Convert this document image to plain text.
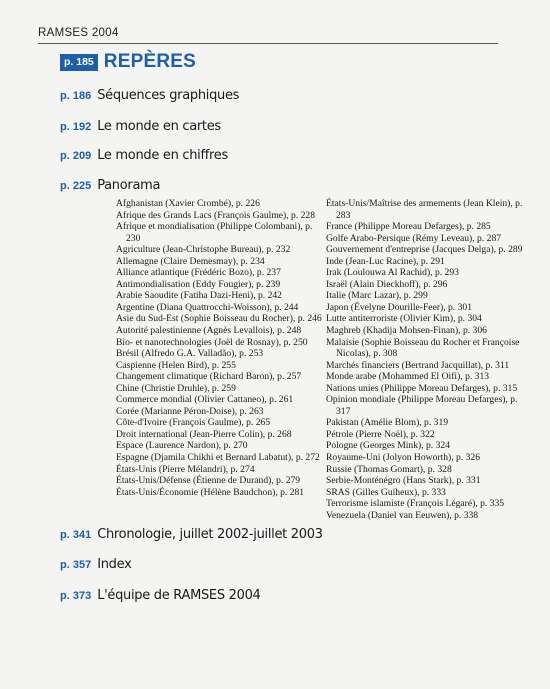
RAMSES 2004
p. 185 REPÈRES
p. 186 Séquences graphiques
p. 192 Le monde en cartes
p. 209 Le monde en chiffres
p. 225 Panorama
Afghanistan (Xavier Crombé), p. 226
Afrique des Grands Lacs (François Gaulme), p. 228
Afrique et mondialisation (Philippe Colombani), p. 230
Agriculture (Jean-Christophe Bureau), p. 232
Allemagne (Claire Demesmay), p. 234
Alliance atlantique (Frédéric Bozo), p. 237
Antimondialisation (Eddy Fougier), p. 239
Arabie Saoudite (Fatiha Dazi-Heni), p. 242
Argentine (Diana Quattrocchi-Woisson), p. 244
Asie du Sud-Est (Sophie Boisseau du Rocher), p. 246
Autorité palestinienne (Agnès Levallois), p. 248
Bio- et nanotechnologies (Joël de Rosnay), p. 250
Brésil (Alfredo G.A. Valladão), p. 253
Caspienne (Helen Bird), p. 255
Changement climatique (Richard Baron), p. 257
Chine (Christie Druhle), p. 259
Commerce mondial (Olivier Cattaneo), p. 261
Corée (Marianne Péron-Doise), p. 263
Côte-d'Ivoire (François Gaulme), p. 265
Droit international (Jean-Pierre Colin), p. 268
Espace (Laurence Nardon), p. 270
Espagne (Djamila Chikhi et Bernard Labatut), p. 272
États-Unis (Pierre Mélandri), p. 274
États-Unis/Défense (Étienne de Durand), p. 279
États-Unis/Économie (Hélène Baudchon), p. 281
États-Unis/Maîtrise des armements (Jean Klein), p. 283
France (Philippe Moreau Defarges), p. 285
Golfe Arabo-Persique (Rémy Leveau), p. 287
Gouvernement d'entreprise (Jacques Delga), p. 289
Inde (Jean-Luc Racine), p. 291
Irak (Loulouwa Al Rachid), p. 293
Israël (Alain Dieckhoff), p. 296
Italie (Marc Lazar), p. 299
Japon (Évelyne Dourille-Feer), p. 301
Lutte antiterroriste (Olivier Kim), p. 304
Maghreb (Khadija Mohsen-Finan), p. 306
Malaisie (Sophie Boisseau du Rocher et Françoise Nicolas), p. 308
Marchés financiers (Bertrand Jacquillat), p. 311
Monde arabe (Mohammed El Oifi), p. 313
Nations unies (Philippe Moreau Defarges), p. 315
Opinion mondiale (Philippe Moreau Defarges), p. 317
Pakistan (Amélie Blom), p. 319
Pétrole (Pierre Noël), p. 322
Pologne (Georges Mink), p. 324
Royaume-Uni (Jolyon Howorth), p. 326
Russie (Thomas Gomart), p. 328
Serbie-Monténégro (Hans Stark), p. 331
SRAS (Gilles Guiheux), p. 333
Terrorisme islamiste (François Légaré), p. 335
Venezuela (Daniel van Eeuwen), p. 338
p. 341 Chronologie, juillet 2002-juillet 2003
p. 357 Index
p. 373 L'équipe de RAMSES 2004
